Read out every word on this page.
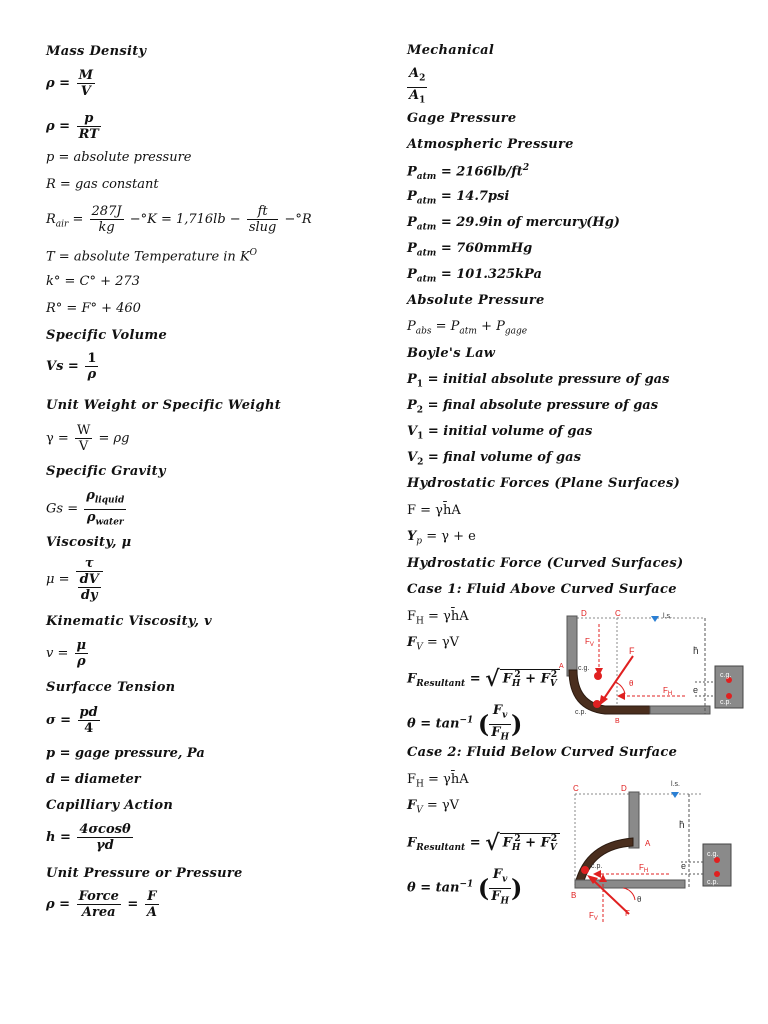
Mass Density
$\rho = \frac{M}{V}$
$\rho = \frac{p}{RT}$
p = absolute pressure
R = gas constant
$R_{air} = \frac{287J}{kg} -^\circ K = 1,716lb - \frac{ft}{\text{slug}} -^\circ R$
T = absolute Temperature in $K^O$
k° = C° + 273
R° = F° + 460
Specific Volume
$Vs = \frac{1}{\rho}$
Unit Weight or Specific Weight
$\gamma = \frac{W}{V} = \rho g$
Specific Gravity
$Gs = \frac{\rho_{liquid}}{\rho_{water}}$
Viscosity, μ
$\mu = \frac{\tau}{\frac{dV}{dy}}$
Kinematic Viscosity, v
$v = \frac{\mu}{\rho}$
Surfacce Tension
$\sigma = \frac{pd}{4}$
p = gage pressure, Pa
d = diameter
Capilliary Action
$h = \frac{4\sigma\cos\theta}{\gamma d}$
Unit Pressure or Pressure
$\rho = \frac{\text{Force}}{\text{Area}} = \frac{F}{A}$
Mechanical
$\frac{A_2}{A_1}$
Gage Pressure
Atmospheric Pressure
$P_{atm} = 2166lb/ft^2$
$P_{atm} = 14.7psi$
$P_{atm} = 29.9in$ of mercury(Hg)
$P_{atm}$ = 760mmHg
$P_{atm} = 101.325kPa$
Absolute Pressure
$P_{abs} = P_{atm} + P_{gage}$
Boyle's Law
$P_1$ = initial absolute pressure of gas
$P_2$ = final absolute pressure of gas
$V_1$ = initial volume of gas
$V_2$ = final volume of gas
Hydrostatic Forces (Plane Surfaces)
F = γh̄A
$Y_p = \gamma + e$
Hydrostatic Force (Curved Surfaces)
Case 1: Fluid Above Curved Surface
$F_H$ = γh̄A
$F_V = \gamma V$
$F_{Resultant}$ = √ $F_H^2 + F_V^2$
$\theta = \tan^{-1}$ ( $\frac{F_v}{F_H}$ )
Case 2: Fluid Below Curved Surface
$F_H$ = γh̄A
$F_V = \gamma V$
$F_{Resultant}$ = √ $F_H^2 + F_V^2$
$\theta = \tan^{-1}$ ( $\frac{F_v}{F_H}$ )
D	C	l.s.
h̄
F
c.g.
θ
$F_V$
$F_H$
A
B
c.p.
e
c.g.
c.p.
C	D	l.s.
h̄
A
c.p.
B
e
c.g.
c.p.
θ
F
$F_V$
$F_H$
